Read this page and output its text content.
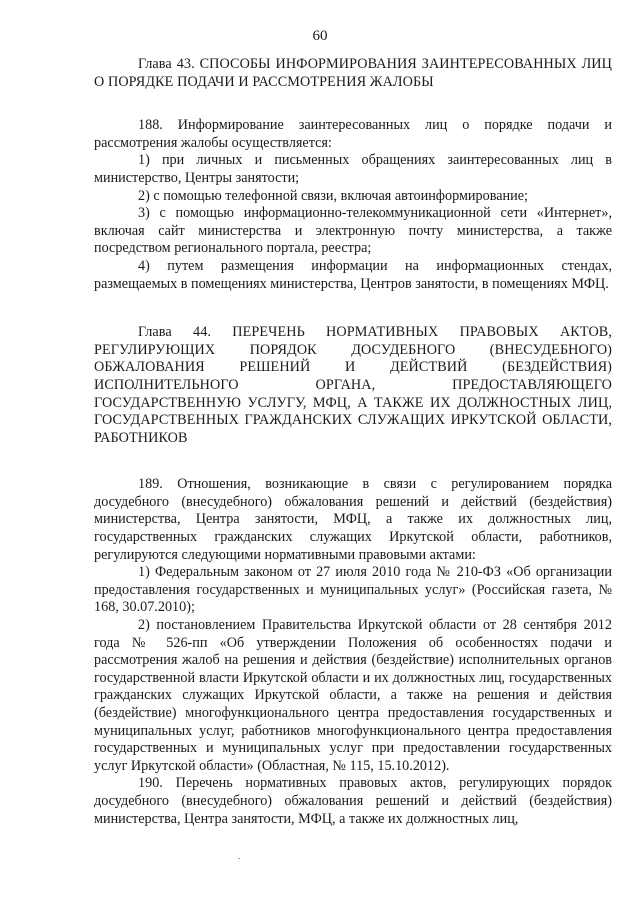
60

Глава 43. СПОСОБЫ ИНФОРМИРОВАНИЯ ЗАИНТЕРЕСОВАННЫХ ЛИЦ О ПОРЯДКЕ ПОДАЧИ И РАССМОТРЕНИЯ ЖАЛОБЫ

188. Информирование заинтересованных лиц о порядке подачи и рассмотрения жалобы осуществляется:

1) при личных и письменных обращениях заинтересованных лиц в министерство, Центры занятости;

2) с помощью телефонной связи, включая автоинформирование;

3) с помощью информационно-телекоммуникационной сети «Интернет», включая сайт министерства и электронную почту министерства, а также посредством регионального портала, реестра;

4) путем размещения информации на информационных стендах, размещаемых в помещениях министерства, Центров занятости, в помещениях МФЦ.

Глава 44. ПЕРЕЧЕНЬ НОРМАТИВНЫХ ПРАВОВЫХ АКТОВ, РЕГУЛИРУЮЩИХ ПОРЯДОК ДОСУДЕБНОГО (ВНЕСУДЕБНОГО) ОБЖАЛОВАНИЯ РЕШЕНИЙ И ДЕЙСТВИЙ (БЕЗДЕЙСТВИЯ) ИСПОЛНИТЕЛЬНОГО ОРГАНА, ПРЕДОСТАВЛЯЮЩЕГО ГОСУДАРСТВЕННУЮ УСЛУГУ, МФЦ, А ТАКЖЕ ИХ ДОЛЖНОСТНЫХ ЛИЦ, ГОСУДАРСТВЕННЫХ ГРАЖДАНСКИХ СЛУЖАЩИХ ИРКУТСКОЙ ОБЛАСТИ, РАБОТНИКОВ

189. Отношения, возникающие в связи с регулированием порядка досудебного (внесудебного) обжалования решений и действий (бездействия) министерства, Центра занятости, МФЦ, а также их должностных лиц, государственных гражданских служащих Иркутской области, работников, регулируются следующими нормативными правовыми актами:

1) Федеральным законом от 27 июля 2010 года № 210-ФЗ «Об организации предоставления государственных и муниципальных услуг» (Российская газета, № 168, 30.07.2010);

2) постановлением Правительства Иркутской области от 28 сентября 2012 года № 526-пп «Об утверждении Положения об особенностях подачи и рассмотрения жалоб на решения и действия (бездействие) исполнительных органов государственной власти Иркутской области и их должностных лиц, государственных гражданских служащих Иркутской области, а также на решения и действия (бездействие) многофункционального центра предоставления государственных и муниципальных услуг, работников многофункционального центра предоставления государственных и муниципальных услуг при предоставлении государственных услуг Иркутской области» (Областная, № 115, 15.10.2012).

190. Перечень нормативных правовых актов, регулирующих порядок досудебного (внесудебного) обжалования решений и действий (бездействия) министерства, Центра занятости, МФЦ, а также их должностных лиц,
